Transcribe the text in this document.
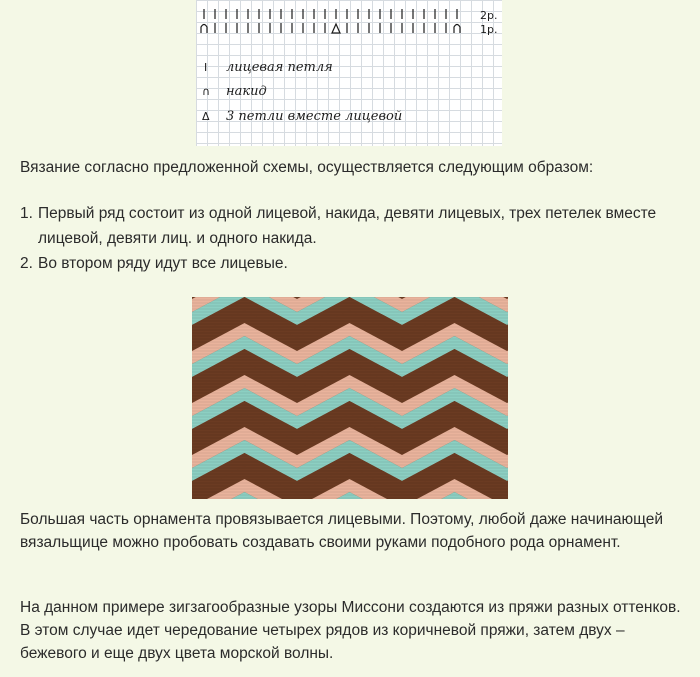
2р.
1р.
I лицевая петля
∩ накид
Δ 3 петли вместе лицевой

Вязание согласно предложенной схемы, осуществляется следующим образом:

1. Первый ряд состоит из одной лицевой, накида, девяти лицевых, трех петелек вместе лицевой, девяти лиц. и одного накида.
2. Во втором ряду идут все лицевые.

Большая часть орнамента провязывается лицевыми. Поэтому, любой даже начинающей вязальщице можно пробовать создавать своими руками подобного рода орнамент.

На данном примере зигзагообразные узоры Миссони создаются из пряжи разных оттенков. В этом случае идет чередование четырех рядов из коричневой пряжи, затем двух – бежевого и еще двух цвета морской волны.
